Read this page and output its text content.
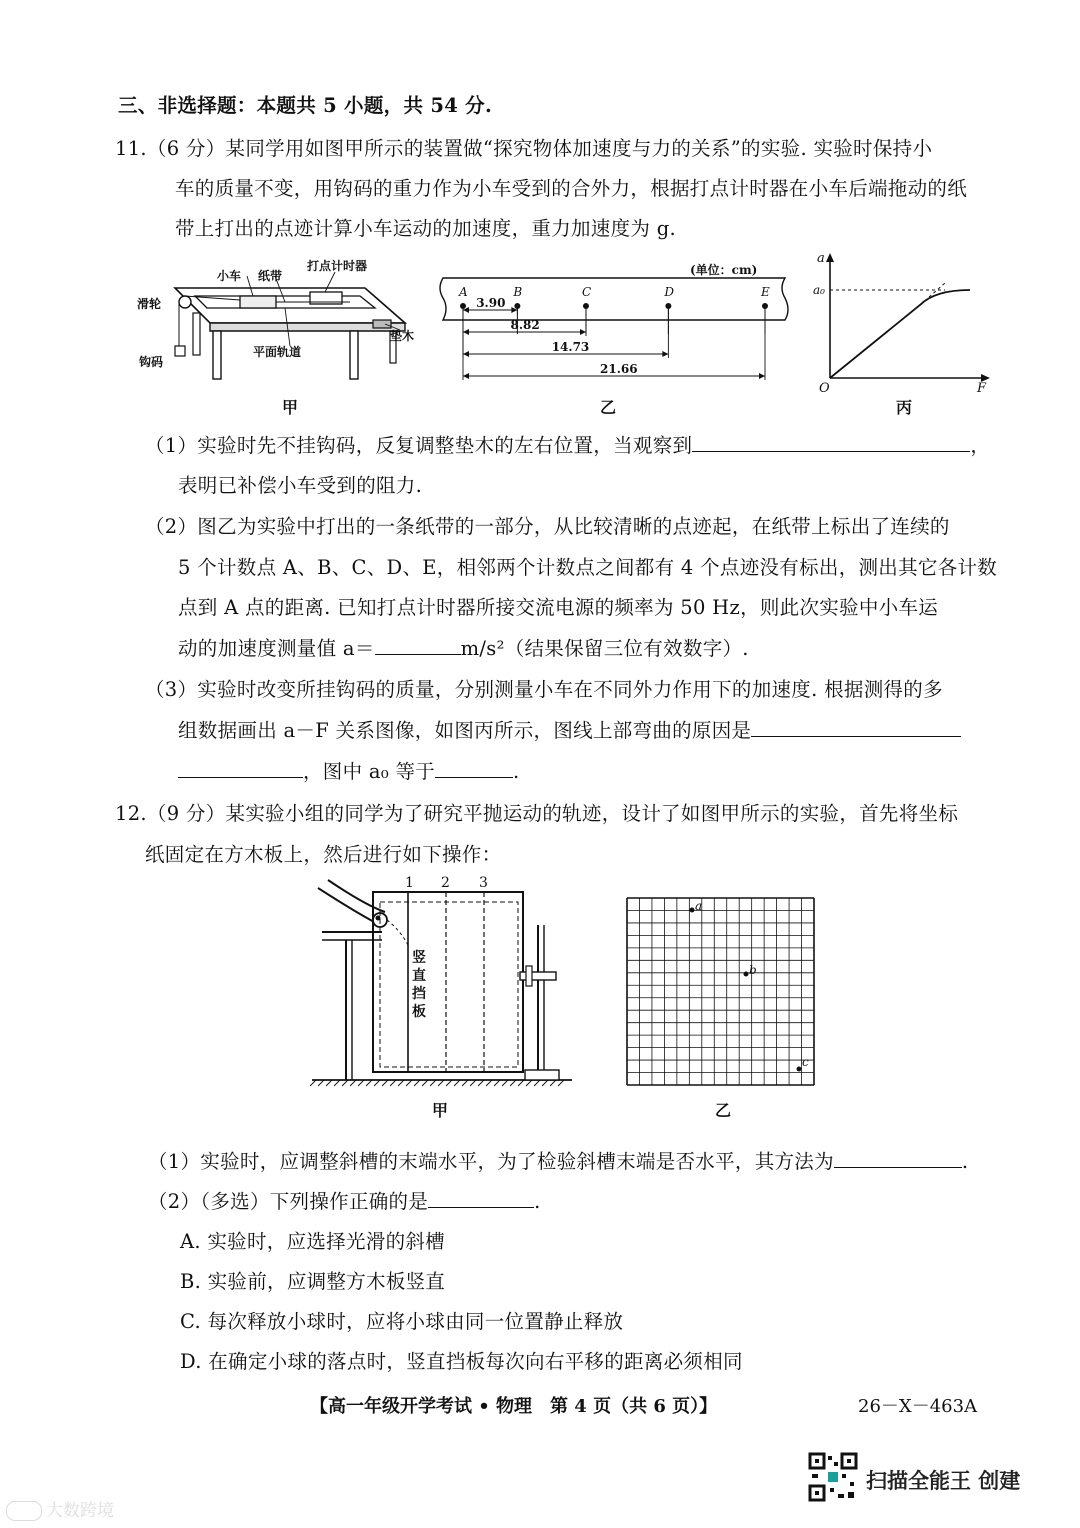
三、非选择题：本题共 5 小题，共 54 分.
11.（6 分）某同学用如图甲所示的装置做“探究物体加速度与力的关系”的实验. 实验时保持小
车的质量不变，用钩码的重力作为小车受到的合外力，根据打点计时器在小车后端拖动的纸
带上打出的点迹计算小车运动的加速度，重力加速度为 g.
小车 纸带
打点计时器
滑轮
垫木
平面轨道
钩码
甲
(单位：cm)
A	B	C	D	E
3.90
8.82
14.73
21.66
乙
a
a₀
O	F
丙
（1）实验时先不挂钩码，反复调整垫木的左右位置，当观察到	，
表明已补偿小车受到的阻力.
（2）图乙为实验中打出的一条纸带的一部分，从比较清晰的点迹起，在纸带上标出了连续的
5 个计数点 A、B、C、D、E，相邻两个计数点之间都有 4 个点迹没有标出，测出其它各计数
点到 A 点的距离. 已知打点计时器所接交流电源的频率为 50 Hz，则此次实验中小车运
动的加速度测量值 a＝	m/s²（结果保留三位有效数字）.
（3）实验时改变所挂钩码的质量，分别测量小车在不同外力作用下的加速度. 根据测得的多
组数据画出 a－F 关系图像，如图丙所示，图线上部弯曲的原因是
，图中 a₀ 等于	.
12.（9 分）某实验小组的同学为了研究平抛运动的轨迹，设计了如图甲所示的实验，首先将坐标
纸固定在方木板上，然后进行如下操作：
1 2 3
竖
直
挡
板
甲
a
b
c
乙
（1）实验时，应调整斜槽的末端水平，为了检验斜槽末端是否水平，其方法为	.
（2）（多选）下列操作正确的是	.
A. 实验时，应选择光滑的斜槽
B. 实验前，应调整方木板竖直
C. 每次释放小球时，应将小球由同一位置静止释放
D. 在确定小球的落点时，竖直挡板每次向右平移的距离必须相同
【高一年级开学考试 • 物理　第 4 页（共 6 页）】	26－X－463A
扫描全能王 创建
大数跨境
